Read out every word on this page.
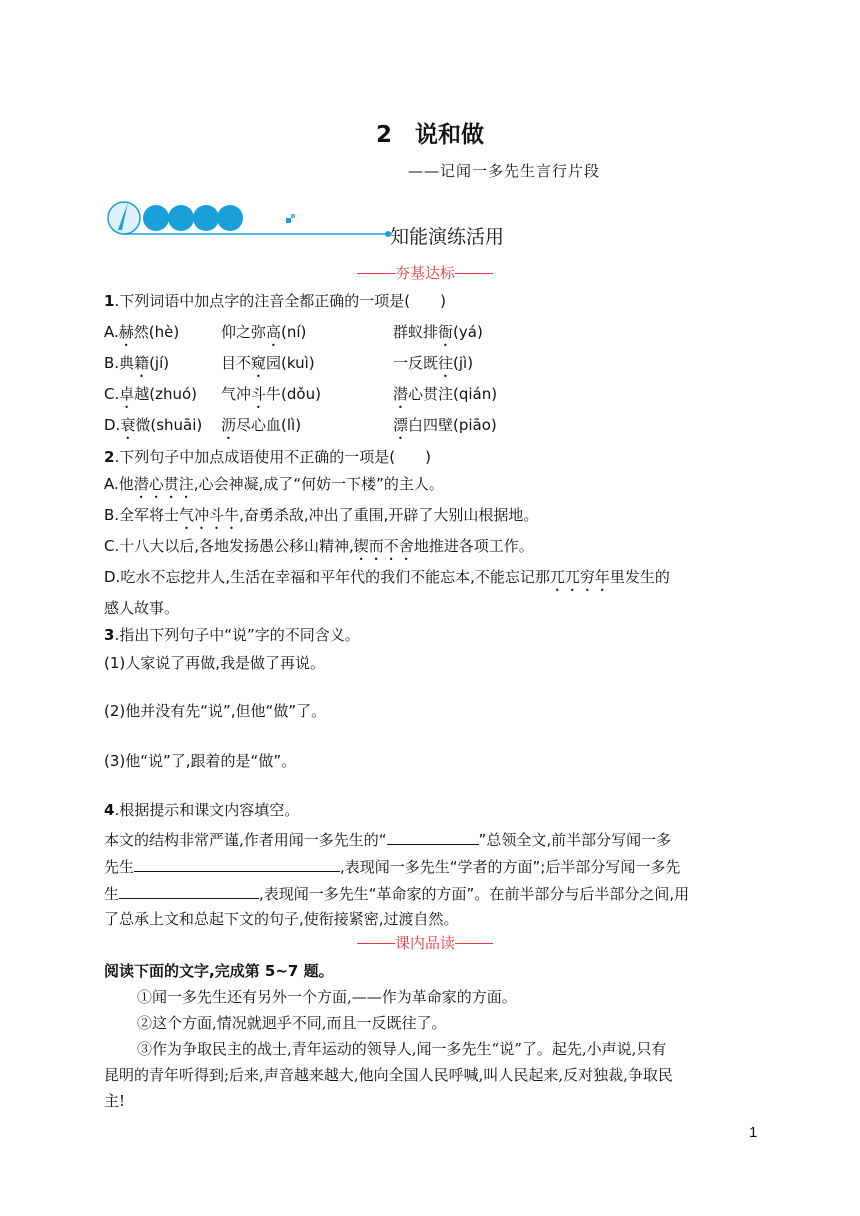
2　说和做
——记闻一多先生言行片段
知能演练活用
夯基达标
1.下列词语中加点字的注音全都正确的一项是(　　)
A.赫然(hè)	仰之弥高(ní)	群蚁排衙(yá)
B.典籍(jí)	目不窥园(kuì)	一反既往(jì)
C.卓越(zhuó) 气冲斗牛(dǒu)	潜心贯注(qián)
D.衰微(shuāi) 沥尽心血(lì)	漂白四壁(piāo)
2.下列句子中加点成语使用不正确的一项是(　　)
A.他潜心贯注,心会神凝,成了“何妨一下楼”的主人。
B.全军将士气冲斗牛,奋勇杀敌,冲出了重围,开辟了大别山根据地。
C.十八大以后,各地发扬愚公移山精神,锲而不舍地推进各项工作。
D.吃水不忘挖井人,生活在幸福和平年代的我们不能忘本,不能忘记那兀兀穷年里发生的
感人故事。
3.指出下列句子中“说”字的不同含义。
(1)人家说了再做,我是做了再说。
(2)他并没有先“说”,但他“做”了。
(3)他“说”了,跟着的是“做”。
4.根据提示和课文内容填空。
本文的结构非常严谨,作者用闻一多先生的“	”总领全文,前半部分写闻一多
先生	,表现闻一多先生“学者的方面”;后半部分写闻一多先
生	,表现闻一多先生“革命家的方面”。在前半部分与后半部分之间,用
了总承上文和总起下文的句子,使衔接紧密,过渡自然。
课内品读
阅读下面的文字,完成第 5~7 题。
①闻一多先生还有另外一个方面,——作为革命家的方面。
②这个方面,情况就迥乎不同,而且一反既往了。
③作为争取民主的战士,青年运动的领导人,闻一多先生“说”了。起先,小声说,只有
昆明的青年听得到;后来,声音越来越大,他向全国人民呼喊,叫人民起来,反对独裁,争取民
主!
1
